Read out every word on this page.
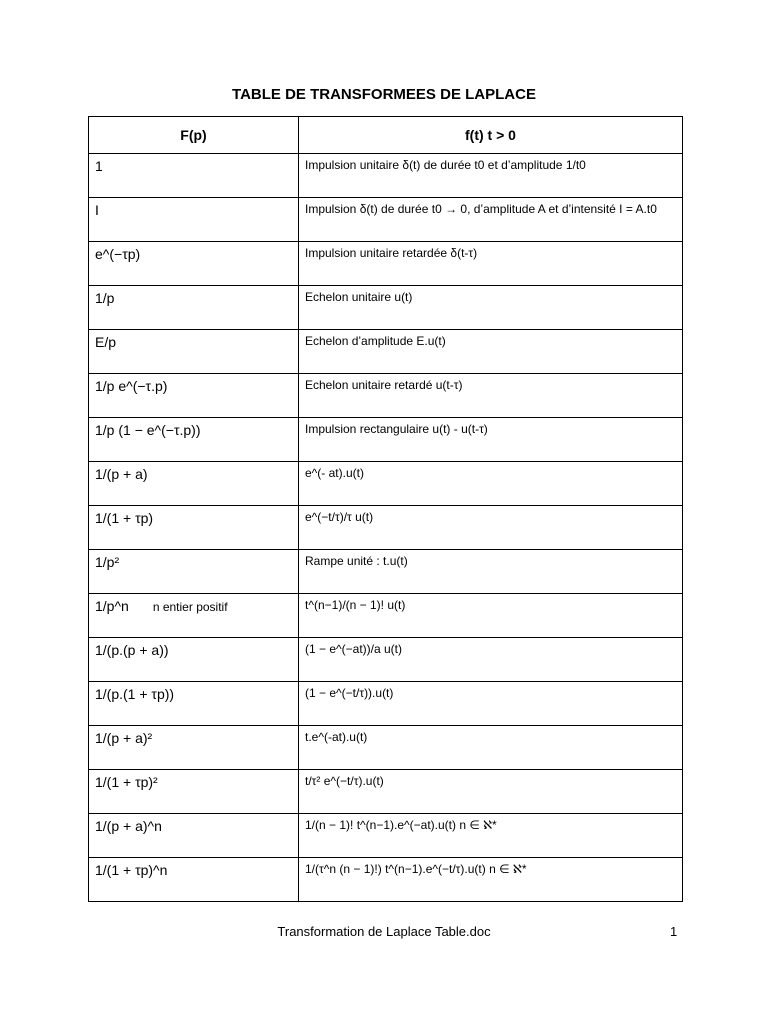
TABLE DE TRANSFORMEES DE LAPLACE
F(p)	f(t) t > 0
1	Impulsion unitaire δ(t) de durée t0 et d’amplitude 1/t0
I	Impulsion δ(t) de durée t0 → 0, d’amplitude A et d’intensité I = A.t0
e^(−τp)	Impulsion unitaire retardée δ(t-τ)
1/p	Echelon unitaire u(t)
E/p	Echelon d’amplitude E.u(t)
1/p e^(−τ.p)	Echelon unitaire retardé u(t-τ)
1/p (1 − e^(−τ.p))	Impulsion rectangulaire u(t) - u(t-τ)
1/(p + a)	e^(- at).u(t)
1/(1 + τp)	e^(−t/τ)/τ u(t)
1/p²	Rampe unité : t.u(t)
1/p^n n entier positif	t^(n−1)/(n − 1)! u(t)
1/(p.(p + a))	(1 − e^(−at))/a u(t)
1/(p.(1 + τp))	(1 − e^(−t/τ)).u(t)
1/(p + a)²	t.e^(-at).u(t)
1/(1 + τp)²	t/τ² e^(−t/τ).u(t)
1/(p + a)^n	1/(n − 1)! t^(n−1).e^(−at).u(t) n ∈ ℵ*
1/(1 + τp)^n	1/(τ^n (n − 1)!) t^(n−1).e^(−t/τ).u(t) n ∈ ℵ*
Transformation de Laplace Table.doc	1
